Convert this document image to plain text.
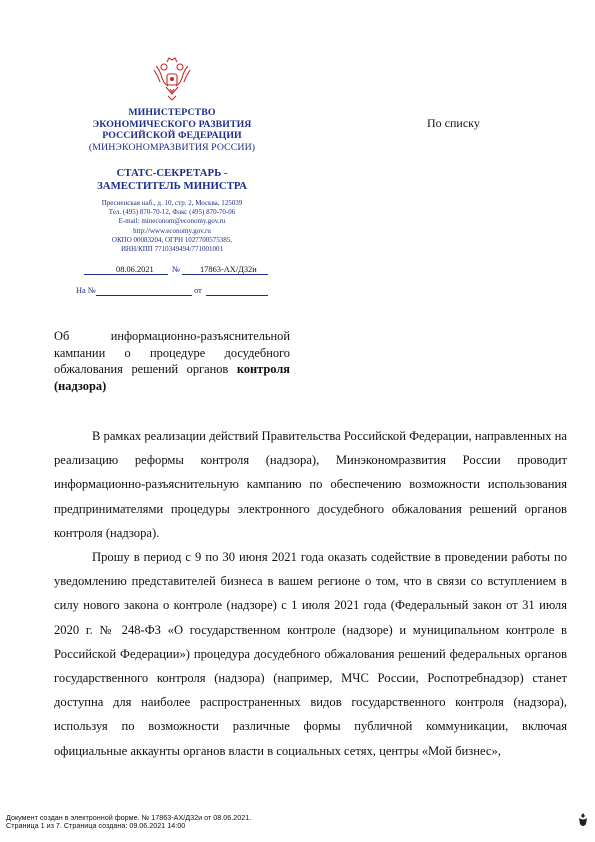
МИНИСТЕРСТВО
ЭКОНОМИЧЕСКОГО РАЗВИТИЯ
РОССИЙСКОЙ ФЕДЕРАЦИИ
(МИНЭКОНОМРАЗВИТИЯ РОССИИ)
СТАТС-СЕКРЕТАРЬ -
ЗАМЕСТИТЕЛЬ МИНИСТРА
Пресненская наб., д. 10, стр. 2, Москва, 125039
Тел. (495) 870-70-12, Факс (495) 870-70-06
E-mail: mineconom@economy.gov.ru
http://www.economy.gov.ru
ОКПО 00083204, ОГРН 1027700575385,
ИНН/КПП 7710349494/771001001
08.06.2021 № 17863-АХ/Д32и
На №	от
По списку
Об информационно-разъяснительной кампании о процедуре досудебного обжалования решений органов контроля (надзора)

В рамках реализации действий Правительства Российской Федерации, направленных на реализацию реформы контроля (надзора), Минэкономразвития России проводит информационно-разъяснительную кампанию по обеспечению возможности использования предпринимателями процедуры электронного досудебного обжалования решений органов контроля (надзора).

Прошу в период с 9 по 30 июня 2021 года оказать содействие в проведении работы по уведомлению представителей бизнеса в вашем регионе о том, что в связи со вступлением в силу нового закона о контроле (надзоре) с 1 июля 2021 года (Федеральный закон от 31 июля 2020 г. № 248-ФЗ «О государственном контроле (надзоре) и муниципальном контроле в Российской Федерации») процедура досудебного обжалования решений федеральных органов государственного контроля (надзора) (например, МЧС России, Роспотребнадзор) станет доступна для наиболее распространенных видов государственного контроля (надзора), используя по возможности различные формы публичной коммуникации, включая официальные аккаунты органов власти в социальных сетях, центры «Мой бизнес»,

Документ создан в электронной форме. № 17863-АХ/Д32и от 08.06.2021.
Страница 1 из 7. Страница создана: 09.06.2021 14:00
